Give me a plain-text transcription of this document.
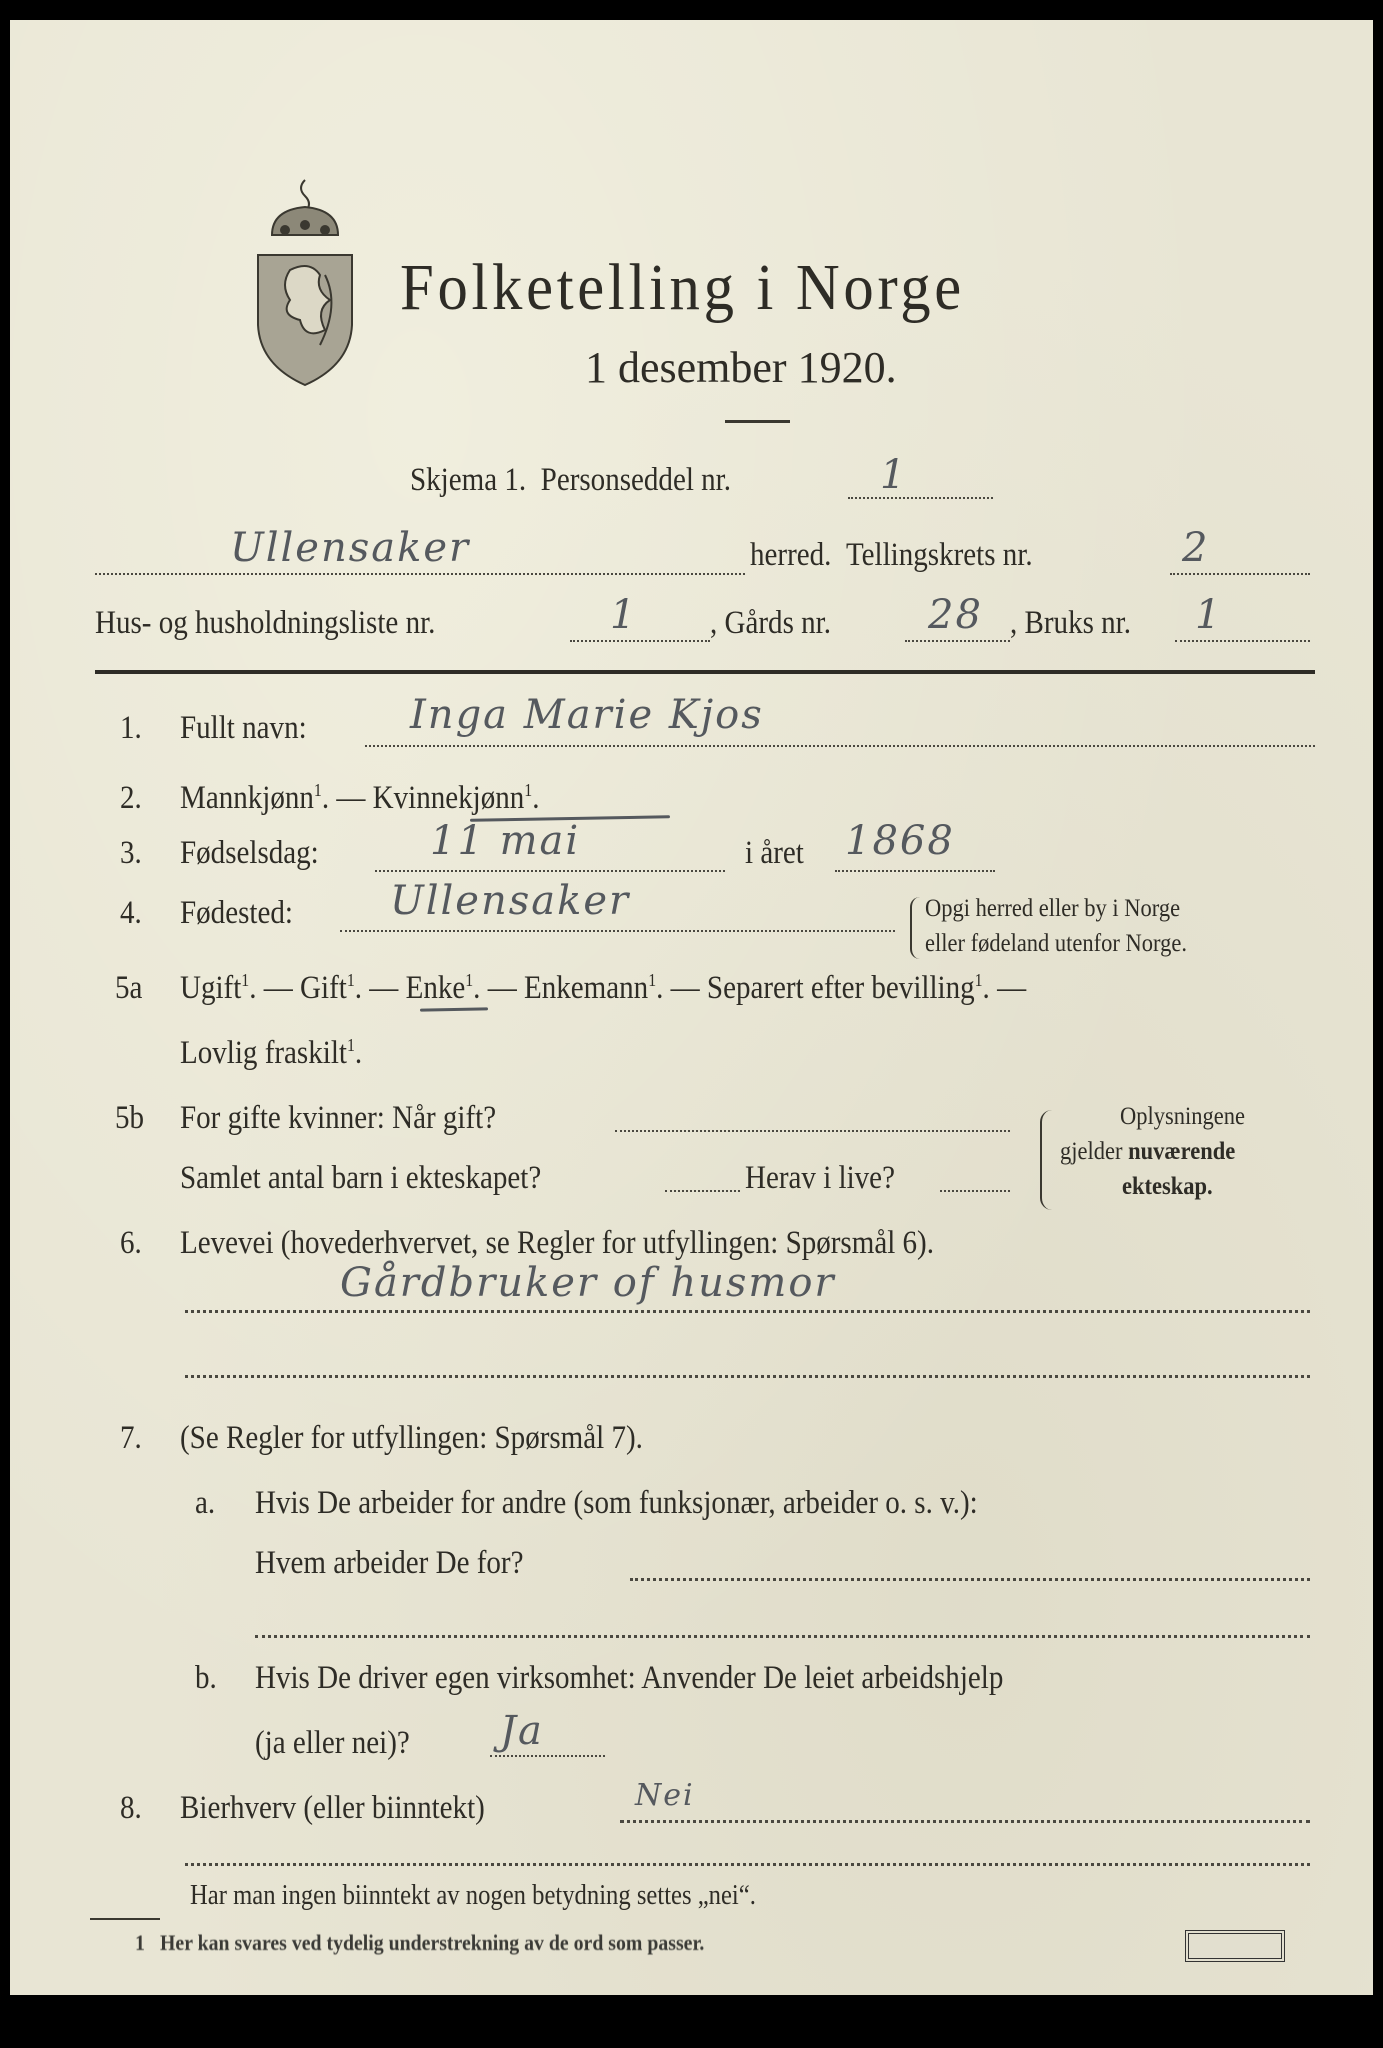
Folketelling i Norge
1 desember 1920.
Skjema 1. Personseddel nr.	1
Ullensaker	herred. Tellingskrets nr.	2
Hus- og husholdningsliste nr.	1 , Gårds nr. 28 , Bruks nr. 1
1. Fullt navn:	Inga Marie Kjos
2. Mannkjønn$^1$. — Kvinnekjønn$^1$.
3. Fødselsdag:	11 mai	i året 1868
4. Fødested: Ullensaker	Opgi herred eller by i Norge
eller fødeland utenfor Norge.
5a Ugift$^1$. — Gift$^1$. — Enke$^1$. — Enkemann$^1$. — Separert efter bevilling$^1$. —
Lovlig fraskilt$^1$.
5b For gifte kvinner: Når gift?
Samlet antal barn i ekteskapet?	Herav i live?
Oplysningene
gjelder nuværende
ekteskap.
6. Levevei (hovederhvervet, se Regler for utfyllingen: Spørsmål 6).
Gårdbruker of husmor
7. (Se Regler for utfyllingen: Spørsmål 7).
a. Hvis De arbeider for andre (som funksjonær, arbeider o. s. v.):
Hvem arbeider De for?
b. Hvis De driver egen virksomhet: Anvender De leiet arbeidshjelp
(ja eller nei)? Ja
8. Bierhverv (eller biinntekt)	Nei
Har man ingen biinntekt av nogen betydning settes „nei“.
1 Her kan svares ved tydelig understrekning av de ord som passer.
